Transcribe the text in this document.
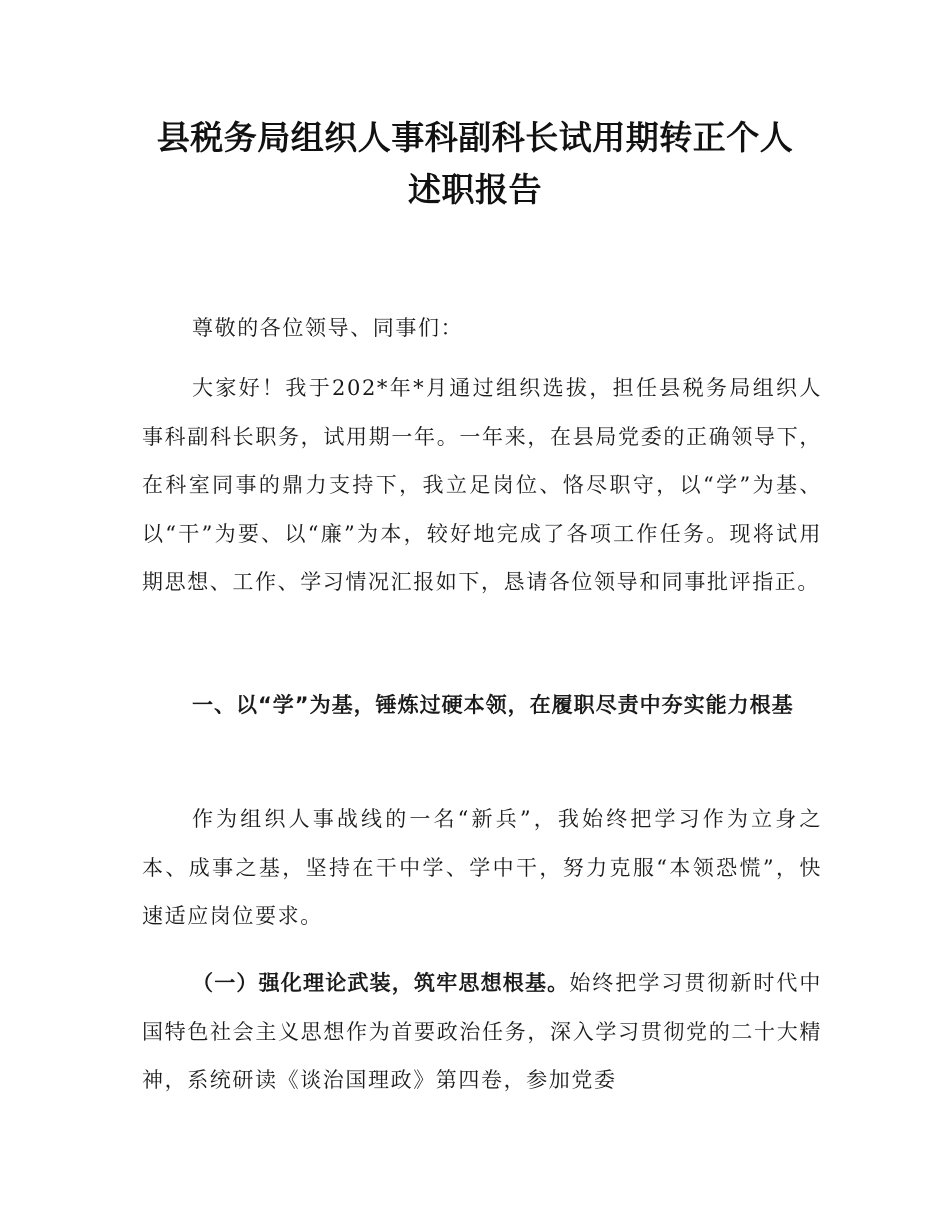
县税务局组织人事科副科长试用期转正个人
述职报告

尊敬的各位领导、同事们：

大家好！我于202*年*月通过组织选拔，担任县税务局组织人事科副科长职务，试用期一年。一年来，在县局党委的正确领导下，在科室同事的鼎力支持下，我立足岗位、恪尽职守，以“学”为基、以“干”为要、以“廉”为本，较好地完成了各项工作任务。现将试用期思想、工作、学习情况汇报如下，恳请各位领导和同事批评指正。

一、以“学”为基，锤炼过硬本领，在履职尽责中夯实能力根基

作为组织人事战线的一名“新兵”，我始终把学习作为立身之本、成事之基，坚持在干中学、学中干，努力克服“本领恐慌”，快速适应岗位要求。

（一）强化理论武装，筑牢思想根基。始终把学习贯彻新时代中国特色社会主义思想作为首要政治任务，深入学习贯彻党的二十大精神，系统研读《谈治国理政》第四卷，参加党委
